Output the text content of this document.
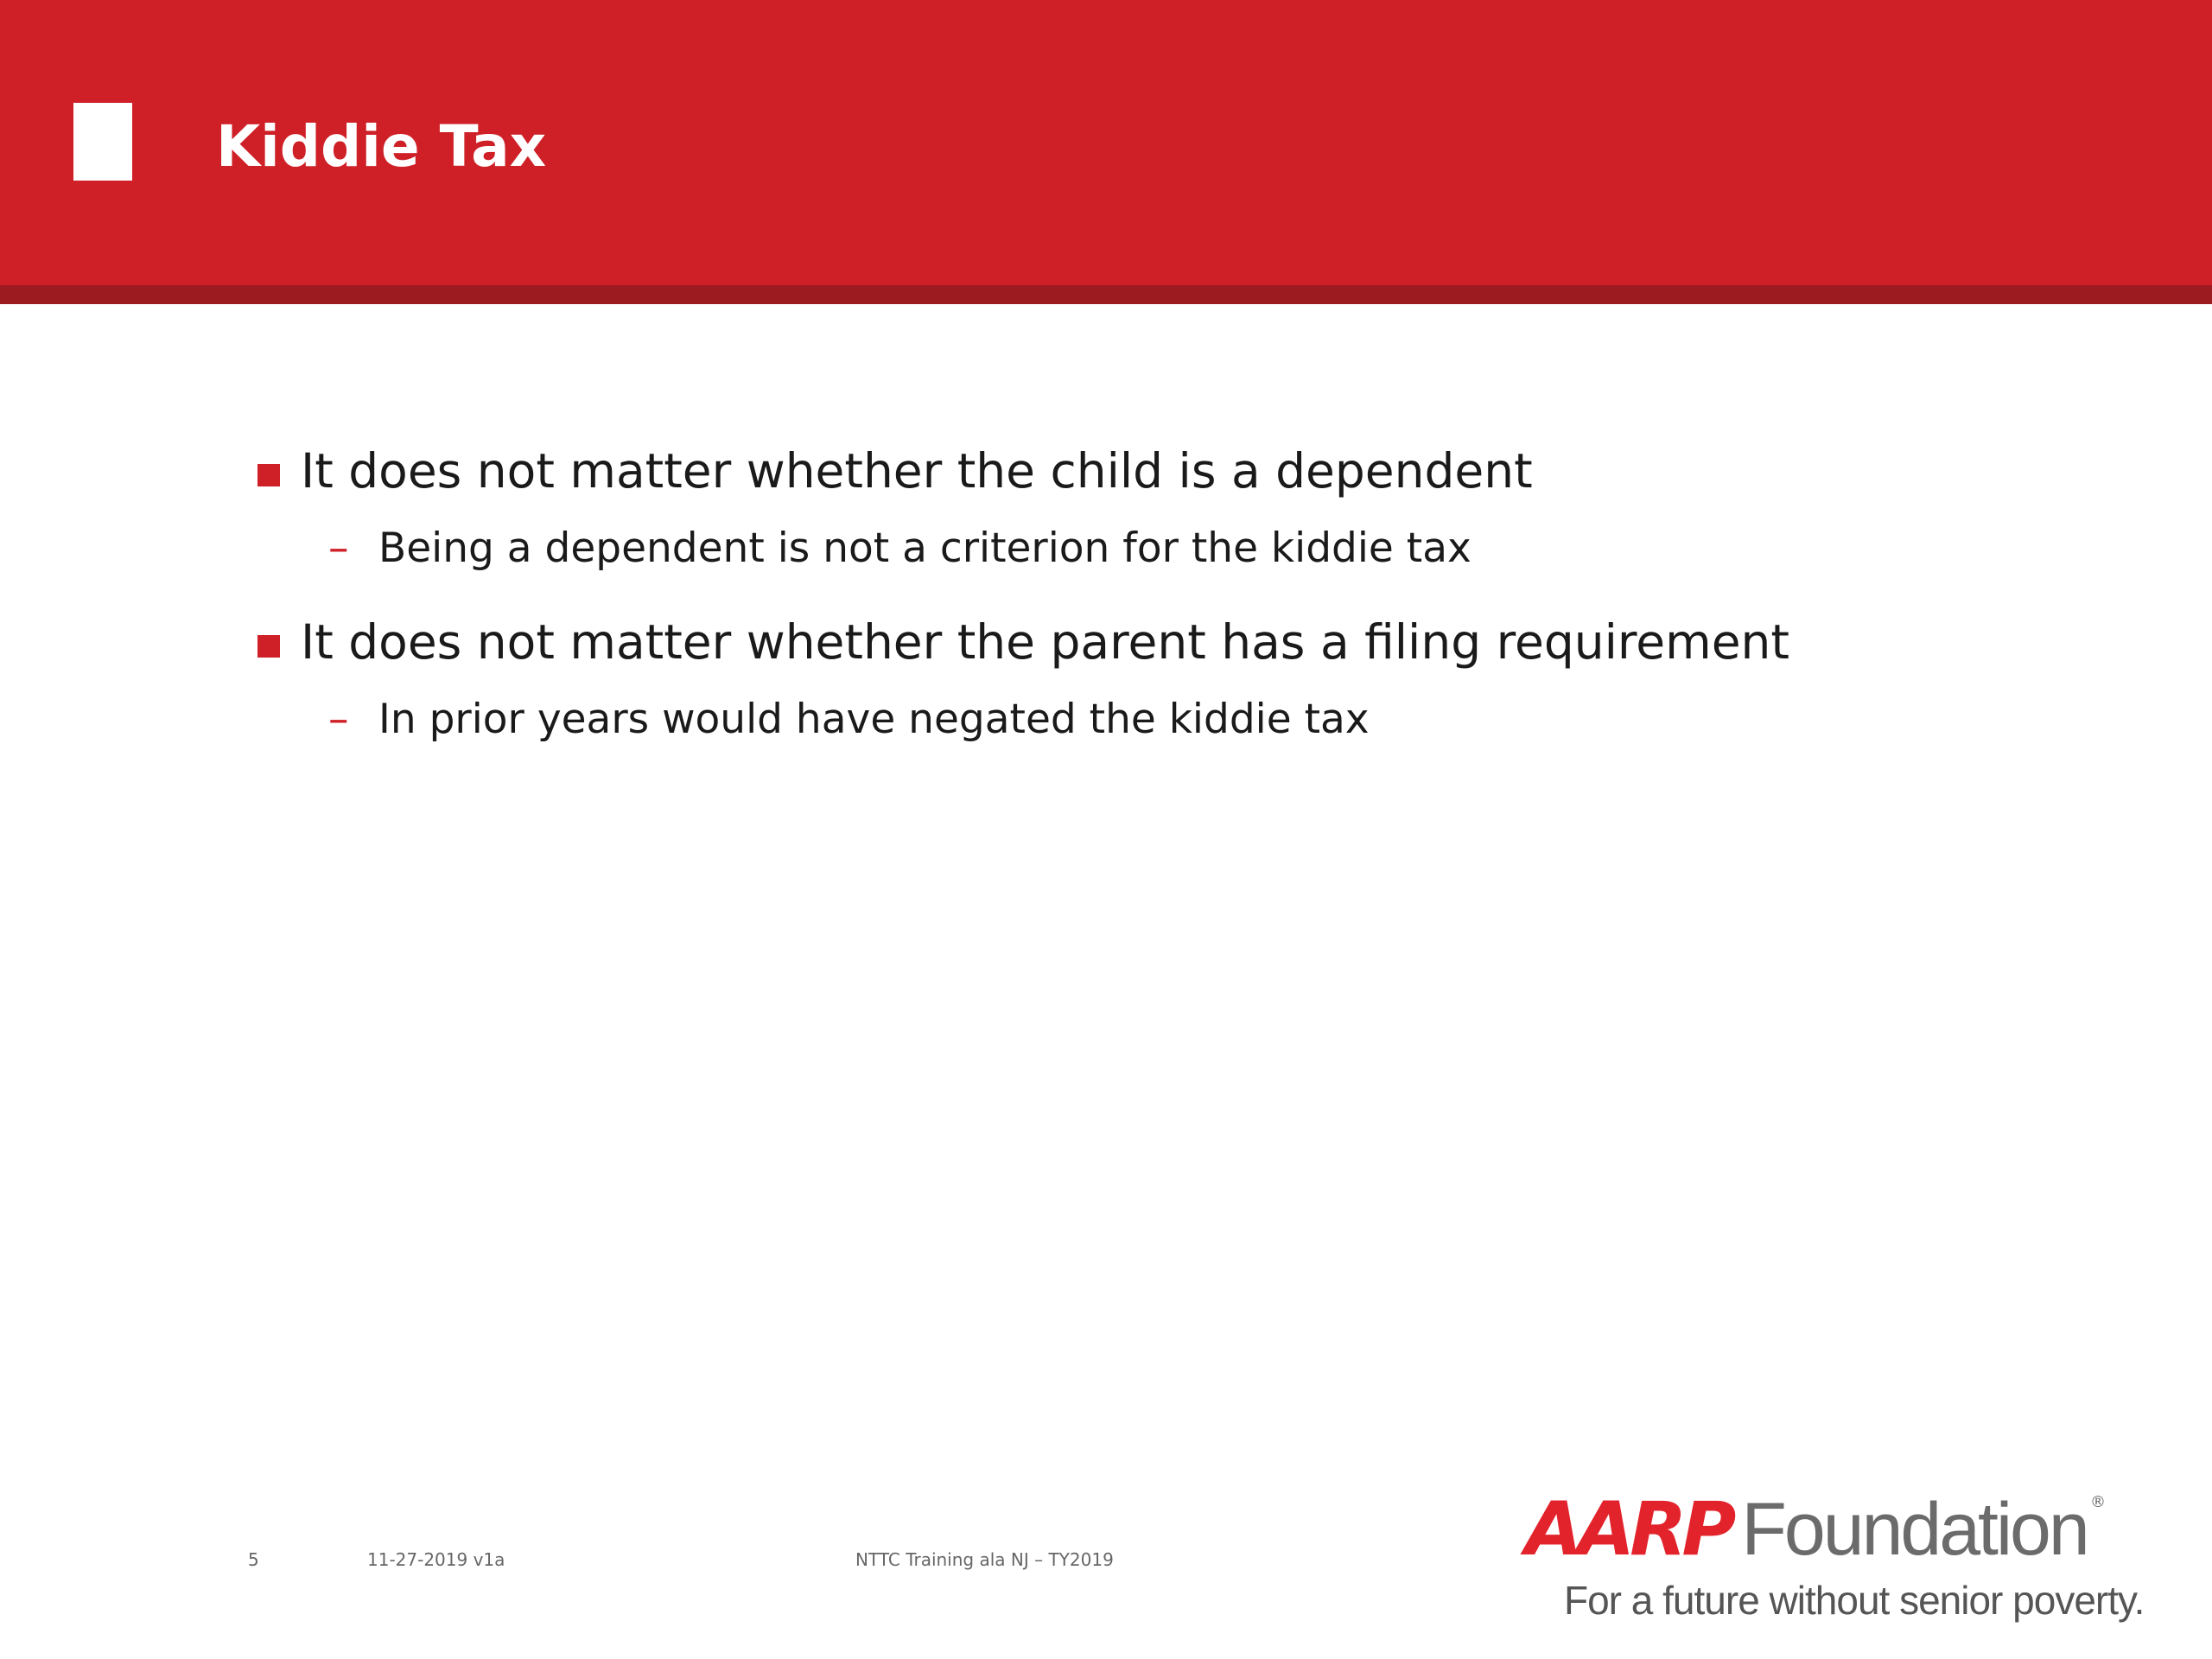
Kiddie Tax
It does not matter whether the child is a dependent
– Being a dependent is not a criterion for the kiddie tax
It does not matter whether the parent has a filing requirement
– In prior years would have negated the kiddie tax
5	11-27-2019 v1a	NTTC Training ala NJ – TY2019	AARP Foundation ®
For a future without senior poverty.
